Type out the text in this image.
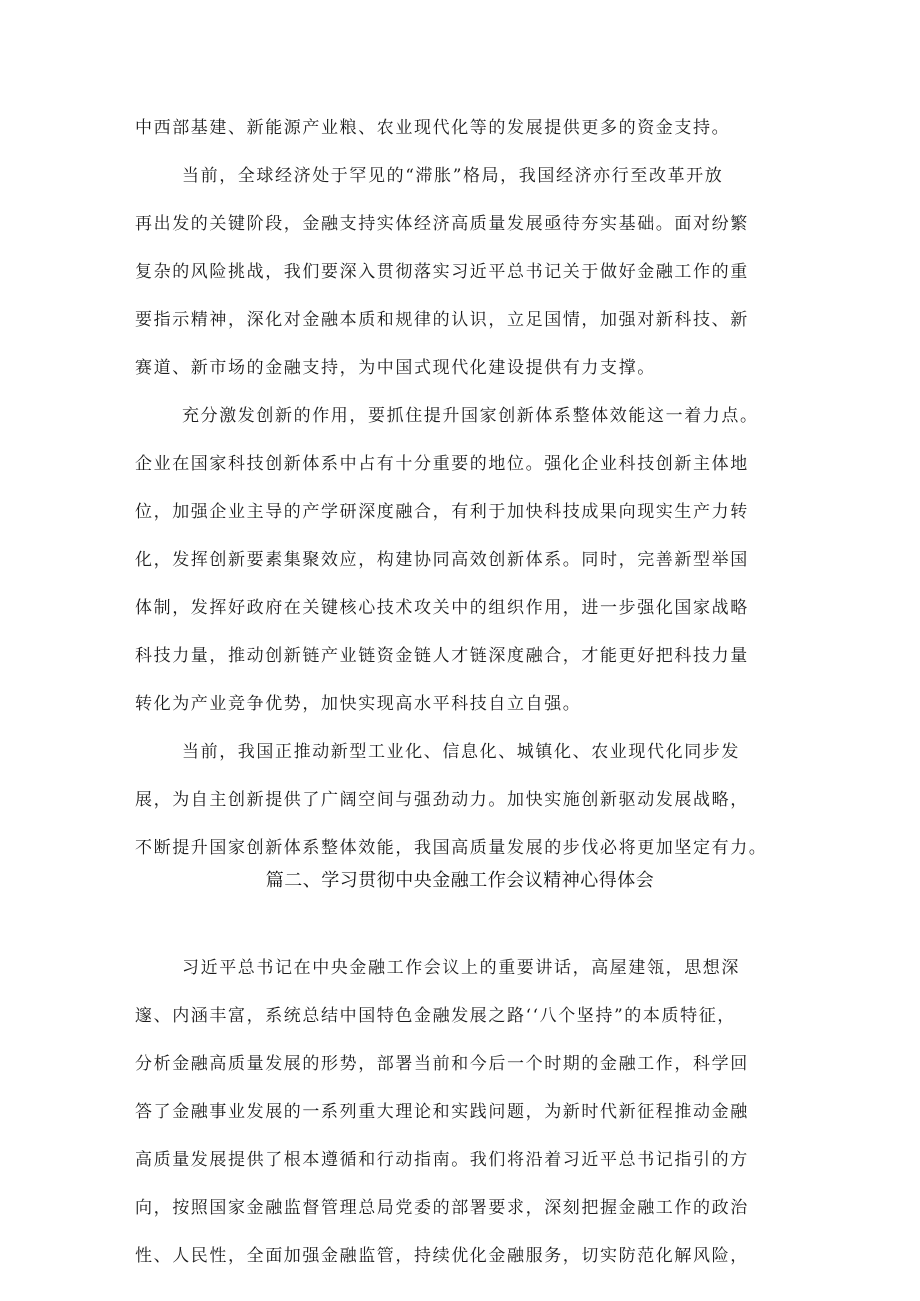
中西部基建、新能源产业粮、农业现代化等的发展提供更多的资金支持。
当前，全球经济处于罕见的“滞胀”格局，我国经济亦行至改革开放
再出发的关键阶段，金融支持实体经济高质量发展亟待夯实基础。面对纷繁
复杂的风险挑战，我们要深入贯彻落实习近平总书记关于做好金融工作的重
要指示精神，深化对金融本质和规律的认识，立足国情，加强对新科技、新
赛道、新市场的金融支持，为中国式现代化建设提供有力支撑。
充分激发创新的作用，要抓住提升国家创新体系整体效能这一着力点。
企业在国家科技创新体系中占有十分重要的地位。强化企业科技创新主体地
位，加强企业主导的产学研深度融合，有利于加快科技成果向现实生产力转
化，发挥创新要素集聚效应，构建协同高效创新体系。同时，完善新型举国
体制，发挥好政府在关键核心技术攻关中的组织作用，进一步强化国家战略
科技力量，推动创新链产业链资金链人才链深度融合，才能更好把科技力量
转化为产业竞争优势，加快实现高水平科技自立自强。
当前，我国正推动新型工业化、信息化、城镇化、农业现代化同步发
展，为自主创新提供了广阔空间与强劲动力。加快实施创新驱动发展战略，
不断提升国家创新体系整体效能，我国高质量发展的步伐必将更加坚定有力。
篇二、学习贯彻中央金融工作会议精神心得体会
习近平总书记在中央金融工作会议上的重要讲话，高屋建瓴，思想深
邃、内涵丰富，系统总结中国特色金融发展之路‘‘八个坚持”的本质特征，
分析金融高质量发展的形势，部署当前和今后一个时期的金融工作，科学回
答了金融事业发展的一系列重大理论和实践问题，为新时代新征程推动金融
高质量发展提供了根本遵循和行动指南。我们将沿着习近平总书记指引的方
向，按照国家金融监督管理总局党委的部署要求，深刻把握金融工作的政治
性、人民性，全面加强金融监管，持续优化金融服务，切实防范化解风险，
